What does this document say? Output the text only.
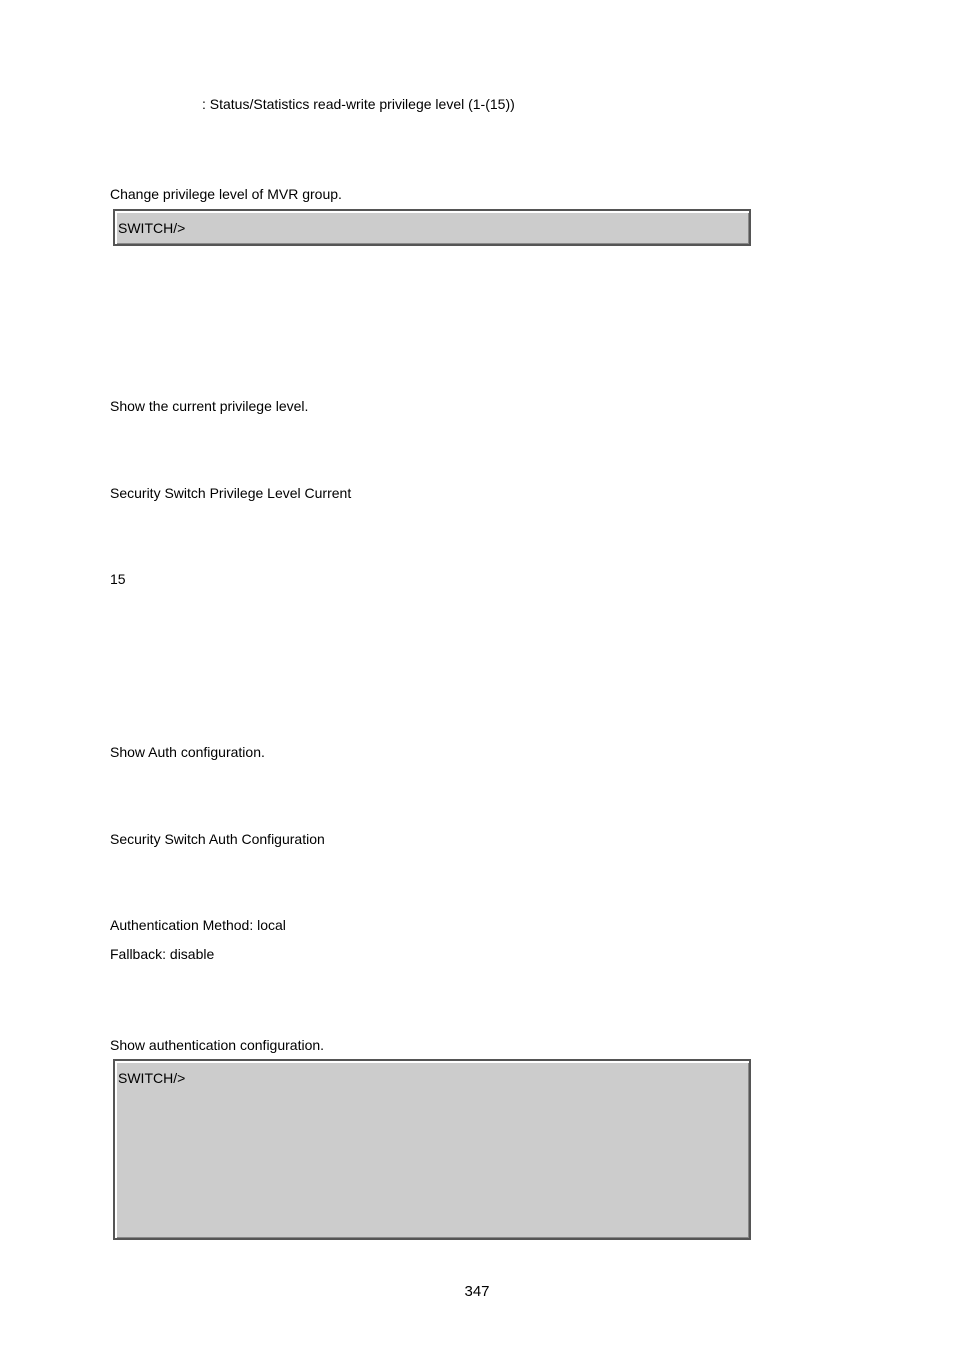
: Status/Statistics read-write privilege level (1-(15))
Change privilege level of MVR group.
SWITCH/>
Show the current privilege level.
Security Switch Privilege Level Current
15
Show Auth configuration.
Security Switch Auth Configuration
Authentication Method: local
Fallback: disable
Show authentication configuration.
SWITCH/>
347
